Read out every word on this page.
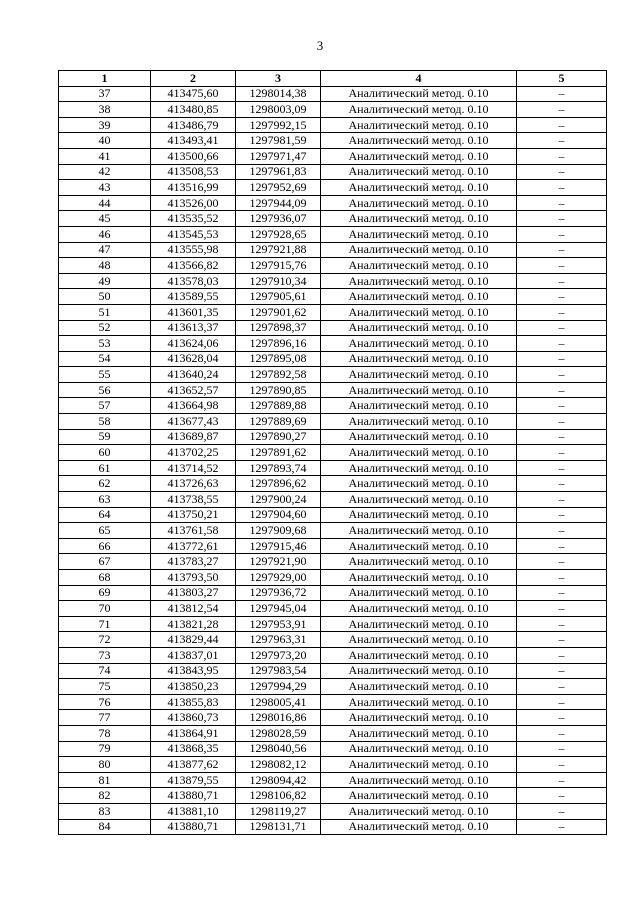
3
1	2	3	4	5
37	413475,60	1298014,38	Аналитический метод. 0.10	–
38	413480,85	1298003,09	Аналитический метод. 0.10	–
39	413486,79	1297992,15	Аналитический метод. 0.10	–
40	413493,41	1297981,59	Аналитический метод. 0.10	–
41	413500,66	1297971,47	Аналитический метод. 0.10	–
42	413508,53	1297961,83	Аналитический метод. 0.10	–
43	413516,99	1297952,69	Аналитический метод. 0.10	–
44	413526,00	1297944,09	Аналитический метод. 0.10	–
45	413535,52	1297936,07	Аналитический метод. 0.10	–
46	413545,53	1297928,65	Аналитический метод. 0.10	–
47	413555,98	1297921,88	Аналитический метод. 0.10	–
48	413566,82	1297915,76	Аналитический метод. 0.10	–
49	413578,03	1297910,34	Аналитический метод. 0.10	–
50	413589,55	1297905,61	Аналитический метод. 0.10	–
51	413601,35	1297901,62	Аналитический метод. 0.10	–
52	413613,37	1297898,37	Аналитический метод. 0.10	–
53	413624,06	1297896,16	Аналитический метод. 0.10	–
54	413628,04	1297895,08	Аналитический метод. 0.10	–
55	413640,24	1297892,58	Аналитический метод. 0.10	–
56	413652,57	1297890,85	Аналитический метод. 0.10	–
57	413664,98	1297889,88	Аналитический метод. 0.10	–
58	413677,43	1297889,69	Аналитический метод. 0.10	–
59	413689,87	1297890,27	Аналитический метод. 0.10	–
60	413702,25	1297891,62	Аналитический метод. 0.10	–
61	413714,52	1297893,74	Аналитический метод. 0.10	–
62	413726,63	1297896,62	Аналитический метод. 0.10	–
63	413738,55	1297900,24	Аналитический метод. 0.10	–
64	413750,21	1297904,60	Аналитический метод. 0.10	–
65	413761,58	1297909,68	Аналитический метод. 0.10	–
66	413772,61	1297915,46	Аналитический метод. 0.10	–
67	413783,27	1297921,90	Аналитический метод. 0.10	–
68	413793,50	1297929,00	Аналитический метод. 0.10	–
69	413803,27	1297936,72	Аналитический метод. 0.10	–
70	413812,54	1297945,04	Аналитический метод. 0.10	–
71	413821,28	1297953,91	Аналитический метод. 0.10	–
72	413829,44	1297963,31	Аналитический метод. 0.10	–
73	413837,01	1297973,20	Аналитический метод. 0.10	–
74	413843,95	1297983,54	Аналитический метод. 0.10	–
75	413850,23	1297994,29	Аналитический метод. 0.10	–
76	413855,83	1298005,41	Аналитический метод. 0.10	–
77	413860,73	1298016,86	Аналитический метод. 0.10	–
78	413864,91	1298028,59	Аналитический метод. 0.10	–
79	413868,35	1298040,56	Аналитический метод. 0.10	–
80	413877,62	1298082,12	Аналитический метод. 0.10	–
81	413879,55	1298094,42	Аналитический метод. 0.10	–
82	413880,71	1298106,82	Аналитический метод. 0.10	–
83	413881,10	1298119,27	Аналитический метод. 0.10	–
84	413880,71	1298131,71	Аналитический метод. 0.10	–
